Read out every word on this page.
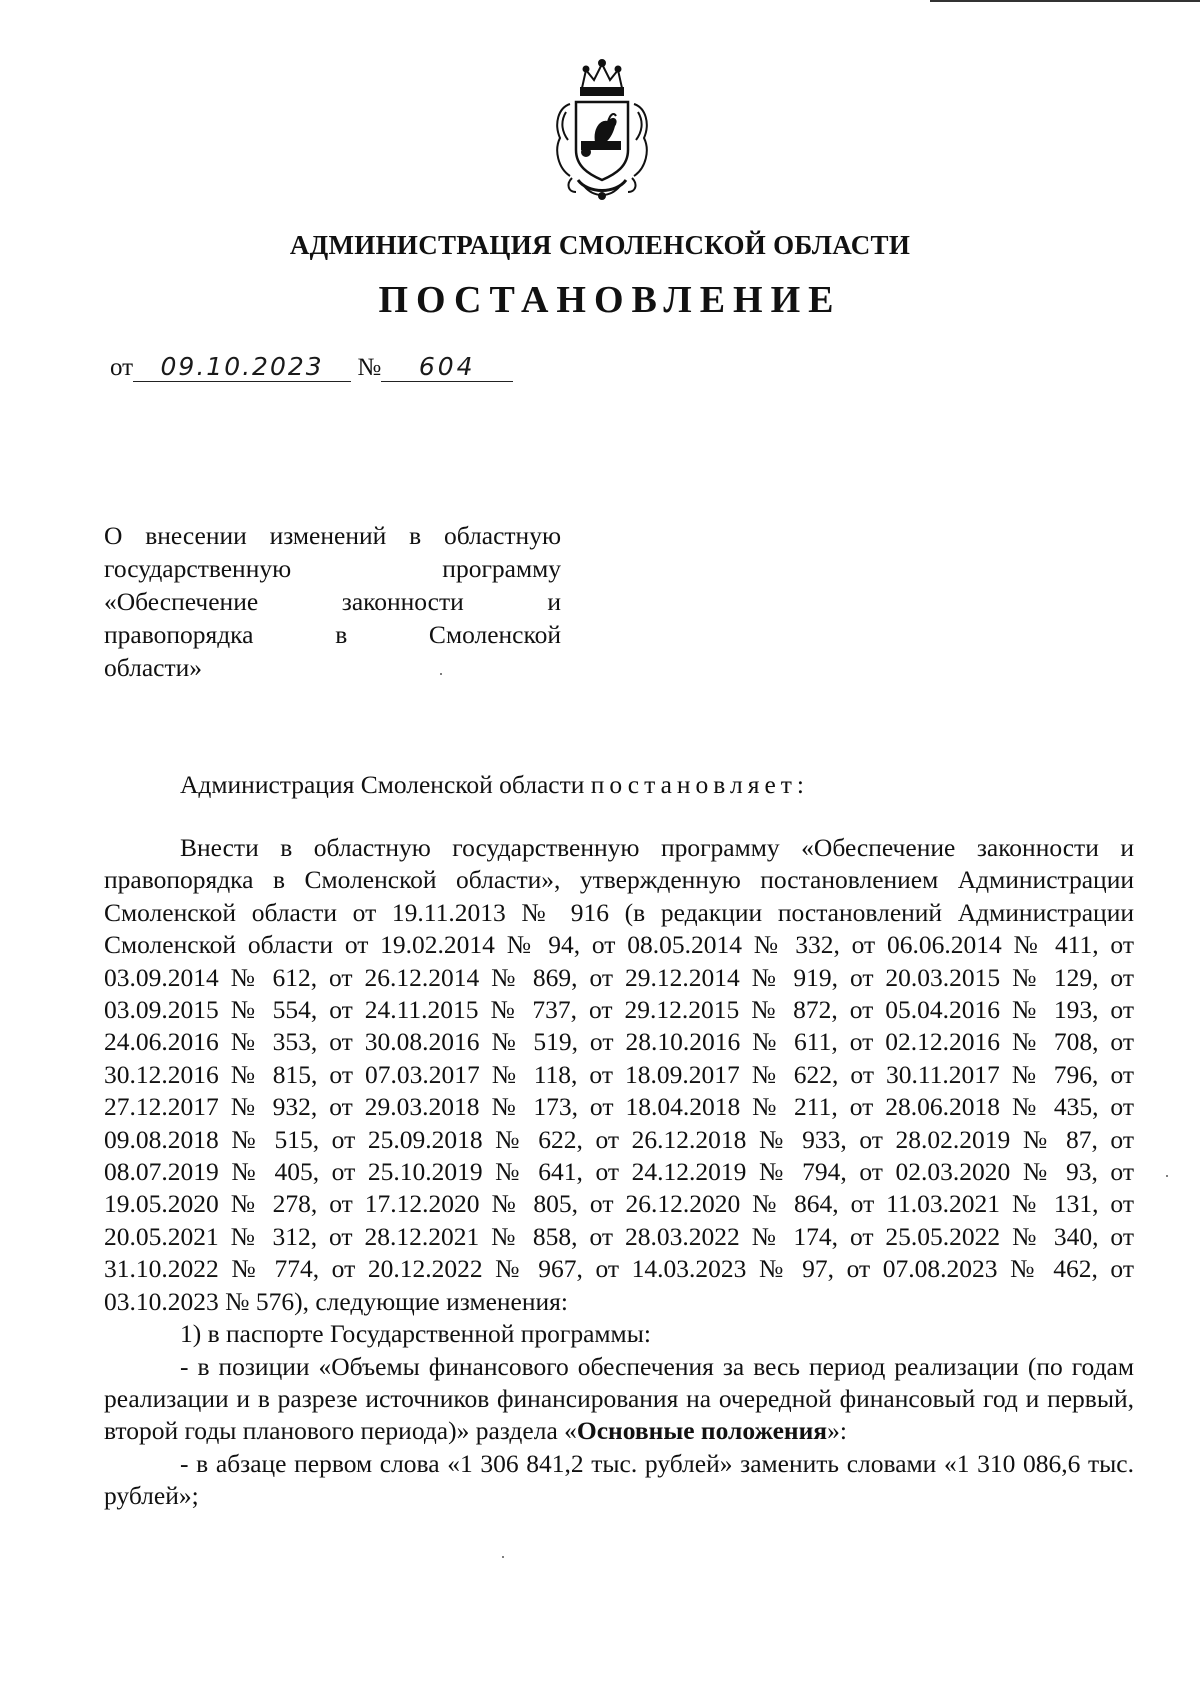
АДМИНИСТРАЦИЯ СМОЛЕНСКОЙ ОБЛАСТИ
ПОСТАНОВЛЕНИЕ
от 09.10.2023 № 604
О внесении изменений в областную
государственную программу
«Обеспечение законности и
правопорядка в Смоленской
области»
Администрация Смоленской области постановляет:

Внести в областную государственную программу «Обеспечение законности и правопорядка в Смоленской области», утвержденную постановлением Администрации Смоленской области от 19.11.2013 № 916 (в редакции постановлений Администрации Смоленской области от 19.02.2014 № 94, от 08.05.2014 № 332, от 06.06.2014 № 411, от 03.09.2014 № 612, от 26.12.2014 № 869, от 29.12.2014 № 919, от 20.03.2015 № 129, от 03.09.2015 № 554, от 24.11.2015 № 737, от 29.12.2015 № 872, от 05.04.2016 № 193, от 24.06.2016 № 353, от 30.08.2016 № 519, от 28.10.2016 № 611, от 02.12.2016 № 708, от 30.12.2016 № 815, от 07.03.2017 № 118, от 18.09.2017 № 622, от 30.11.2017 № 796, от 27.12.2017 № 932, от 29.03.2018 № 173, от 18.04.2018 № 211, от 28.06.2018 № 435, от 09.08.2018 № 515, от 25.09.2018 № 622, от 26.12.2018 № 933, от 28.02.2019 № 87, от 08.07.2019 № 405, от 25.10.2019 № 641, от 24.12.2019 № 794, от 02.03.2020 № 93, от 19.05.2020 № 278, от 17.12.2020 № 805, от 26.12.2020 № 864, от 11.03.2021 № 131, от 20.05.2021 № 312, от 28.12.2021 № 858, от 28.03.2022 № 174, от 25.05.2022 № 340, от 31.10.2022 № 774, от 20.12.2022 № 967, от 14.03.2023 № 97, от 07.08.2023 № 462, от 03.10.2023 № 576), следующие изменения:

1) в паспорте Государственной программы:

- в позиции «Объемы финансового обеспечения за весь период реализации (по годам реализации и в разрезе источников финансирования на очередной финансовый год и первый, второй годы планового периода)» раздела «Основные положения»:

- в абзаце первом слова «1 306 841,2 тыс. рублей» заменить словами «1 310 086,6 тыс. рублей»;
